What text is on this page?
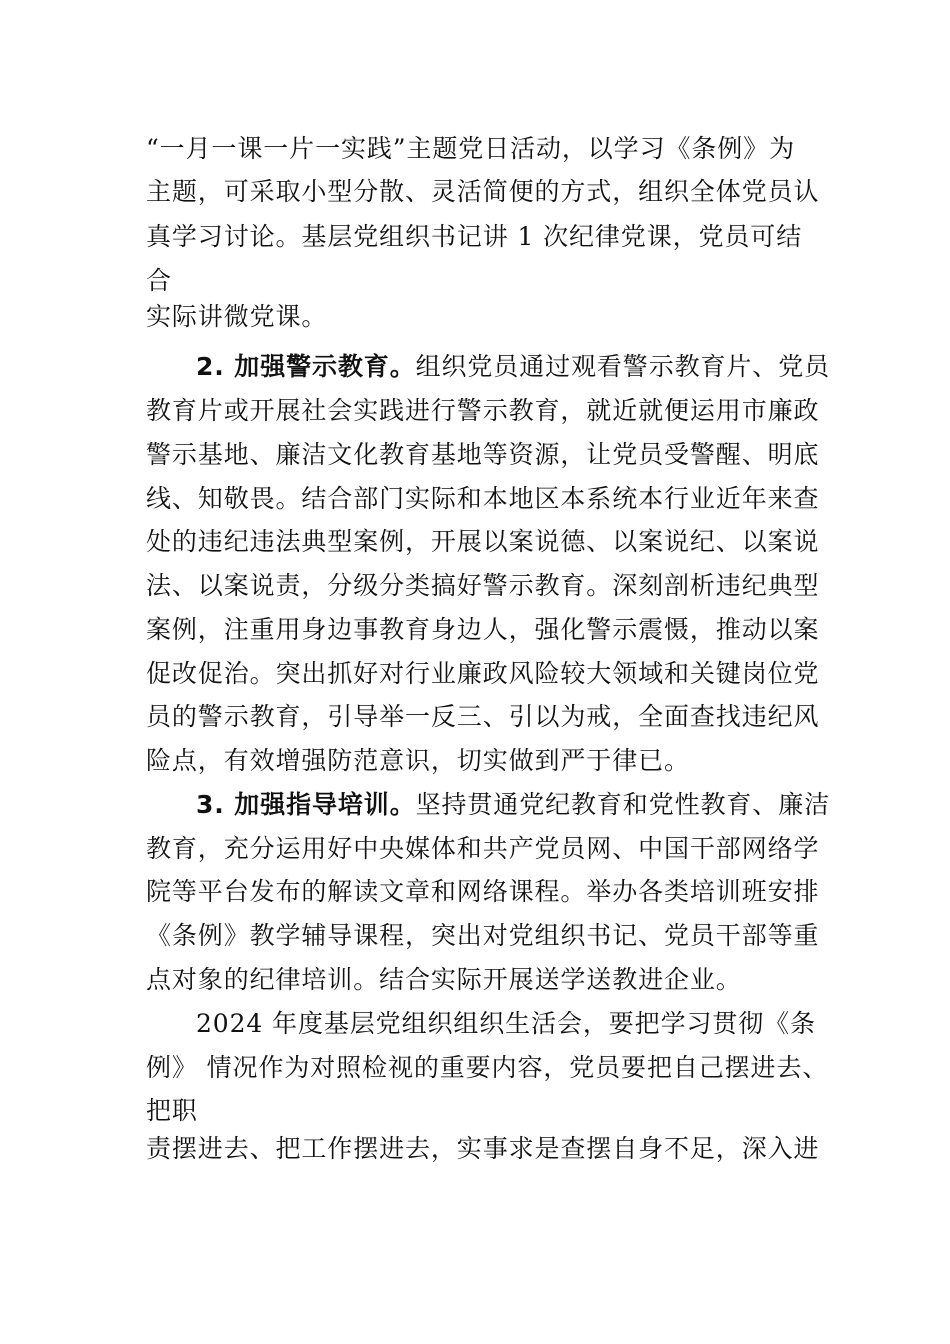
“一月一课一片一实践”主题党日活动，以学习《条例》为

主题，可采取小型分散、灵活简便的方式，组织全体党员认

真学习讨论。基层党组织书记讲 1 次纪律党课，党员可结

合

实际讲微党课。

2. 加强警示教育。组织党员通过观看警示教育片、党员

教育片或开展社会实践进行警示教育，就近就便运用市廉政

警示基地、廉洁文化教育基地等资源，让党员受警醒、明底

线、知敬畏。结合部门实际和本地区本系统本行业近年来查

处的违纪违法典型案例，开展以案说德、以案说纪、以案说

法、以案说责，分级分类搞好警示教育。深刻剖析违纪典型

案例，注重用身边事教育身边人，强化警示震慑，推动以案

促改促治。突出抓好对行业廉政风险较大领域和关键岗位党

员的警示教育，引导举一反三、引以为戒，全面查找违纪风

险点，有效增强防范意识，切实做到严于律已。

3. 加强指导培训。坚持贯通党纪教育和党性教育、廉洁

教育，充分运用好中央媒体和共产党员网、中国干部网络学

院等平台发布的解读文章和网络课程。举办各类培训班安排

《条例》教学辅导课程，突出对党组织书记、党员干部等重

点对象的纪律培训。结合实际开展送学送教进企业。

2024 年度基层党组织组织生活会，要把学习贯彻《条

例》 情况作为对照检视的重要内容，党员要把自己摆进去、

把职

责摆进去、把工作摆进去，实事求是查摆自身不足，深入进
